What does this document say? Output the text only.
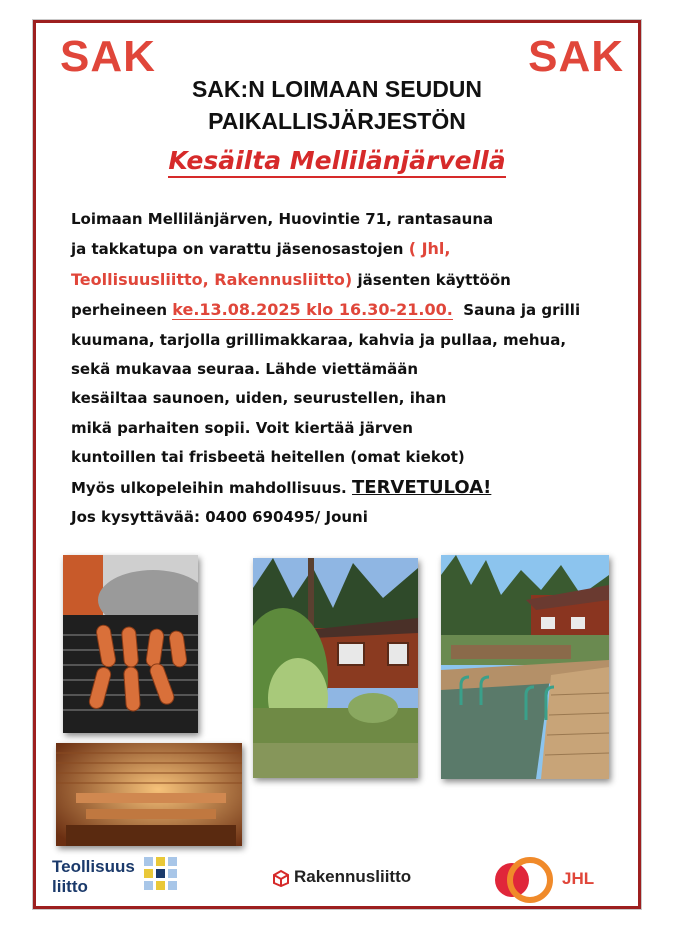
SAK	SAK
SAK:N LOIMAAN SEUDUN
PAIKALLISJÄRJESTÖN
Kesäilta Mellilänjärvellä
Loimaan Mellilänjärven, Huovintie 71, rantasauna
ja takkatupa on varattu jäsenosastojen ( Jhl,
Teollisuusliitto, Rakennusliitto) jäsenten käyttöön
perheineen ke.13.08.2025 klo 16.30-21.00. Sauna ja grilli
kuumana, tarjolla grillimakkaraa, kahvia ja pullaa, mehua,
sekä mukavaa seuraa. Lähde viettämään
kesäiltaa saunoen, uiden, seurustellen, ihan
mikä parhaiten sopii. Voit kiertää järven
kuntoillen tai frisbeetä heitellen (omat kiekot)
Myös ulkopeleihin mahdollisuus. TERVETULOA!
Jos kysyttävää: 0400 690495/ Jouni
Teollisuus
liitto
Rakennusliitto	JHL
